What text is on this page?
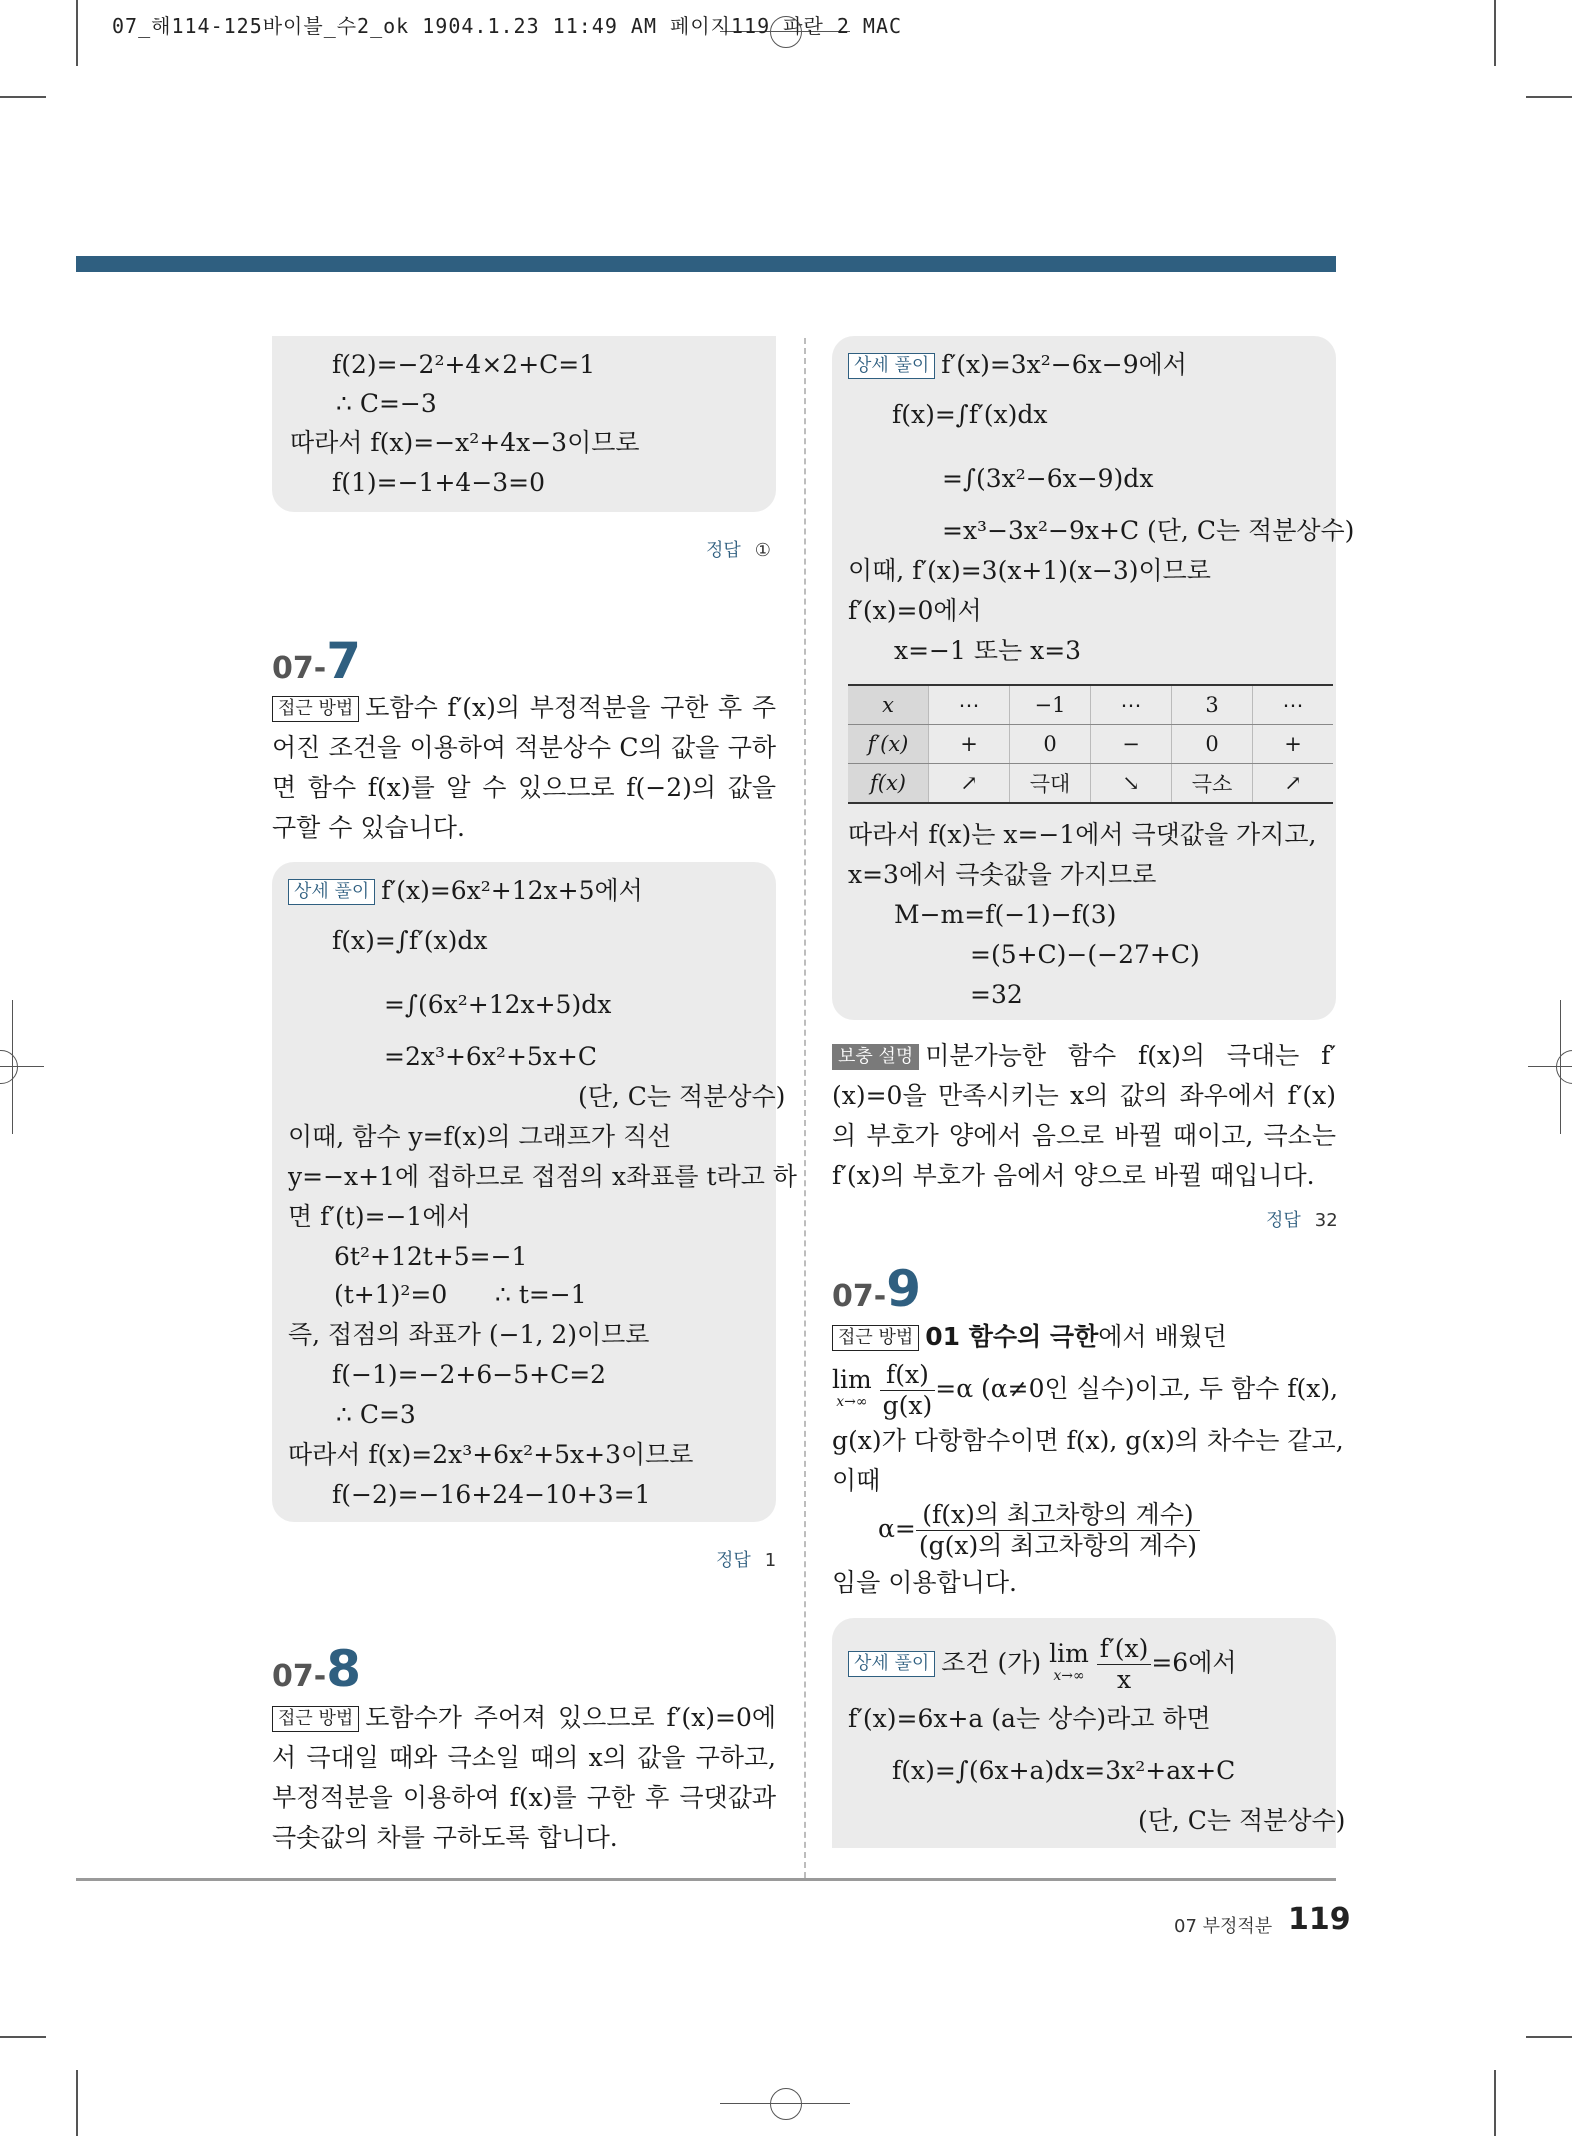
07_해114-125바이블_수2_ok 1904.1.23 11:49 AM 페이지119 파란 2 MAC
f(2)=−2²+4×2+C=1
∴ C=−3
따라서 f(x)=−x²+4x−3이므로
f(1)=−1+4−3=0
정답 ①
07-7
접근 방법 도함수 f′(x)의 부정적분을 구한 후 주어진 조건을 이용하여 적분상수 C의 값을 구하면 함수 f(x)를 알 수 있으므로 f(−2)의 값을 구할 수 있습니다.
상세 풀이 f′(x)=6x²+12x+5에서
f(x)=∫f′(x)dx
=∫(6x²+12x+5)dx
=2x³+6x²+5x+C
(단, C는 적분상수)
이때, 함수 y=f(x)의 그래프가 직선
y=−x+1에 접하므로 접점의 x좌표를 t라고 하
면 f′(t)=−1에서
6t²+12t+5=−1
(t+1)²=0      ∴ t=−1
즉, 접점의 좌표가 (−1, 2)이므로
f(−1)=−2+6−5+C=2
∴ C=3
따라서 f(x)=2x³+6x²+5x+3이므로
f(−2)=−16+24−10+3=1
정답 1
07-8
접근 방법 도함수가 주어져 있으므로 f′(x)=0에서 극대일 때와 극소일 때의 x의 값을 구하고, 부정적분을 이용하여 f(x)를 구한 후 극댓값과 극솟값의 차를 구하도록 합니다.
상세 풀이 f′(x)=3x²−6x−9에서
f(x)=∫f′(x)dx
=∫(3x²−6x−9)dx
=x³−3x²−9x+C (단, C는 적분상수)
이때, f′(x)=3(x+1)(x−3)이므로
f′(x)=0에서
x=−1 또는 x=3
x	⋯	−1	⋯	3	⋯
f′(x)	+	0	−	0	+
f(x)	↗	극대	↘	극소	↗
따라서 f(x)는 x=−1에서 극댓값을 가지고,
x=3에서 극솟값을 가지므로
M−m=f(−1)−f(3)
=(5+C)−(−27+C)
=32
보충 설명 미분가능한 함수 f(x)의 극대는 f′(x)=0을 만족시키는 x의 값의 좌우에서 f′(x)의 부호가 양에서 음으로 바뀔 때이고, 극소는 f′(x)의 부호가 음에서 양으로 바뀔 때입니다.
정답 32
07-9
접근 방법 01 함수의 극한에서 배웠던
lim
x→∞
$\frac{f(x)}{g(x)} =\alpha$ (α≠0인 실수)이고, 두 함수 f(x),
g(x)가 다항함수이면 f(x), g(x)의 차수는 같고,
이때
$\alpha= \frac{\text{(f(x)의 최고차항의 계수)}}{\text{(g(x)의 최고차항의 계수)}}$
임을 이용합니다.
상세 풀이 조건 (가) lim
x→∞
$\frac{f'(x)}{x} =6$에서
f′(x)=6x+a (a는 상수)라고 하면
f(x)=∫(6x+a)dx=3x²+ax+C
(단, C는 적분상수)
07 부정적분 119
